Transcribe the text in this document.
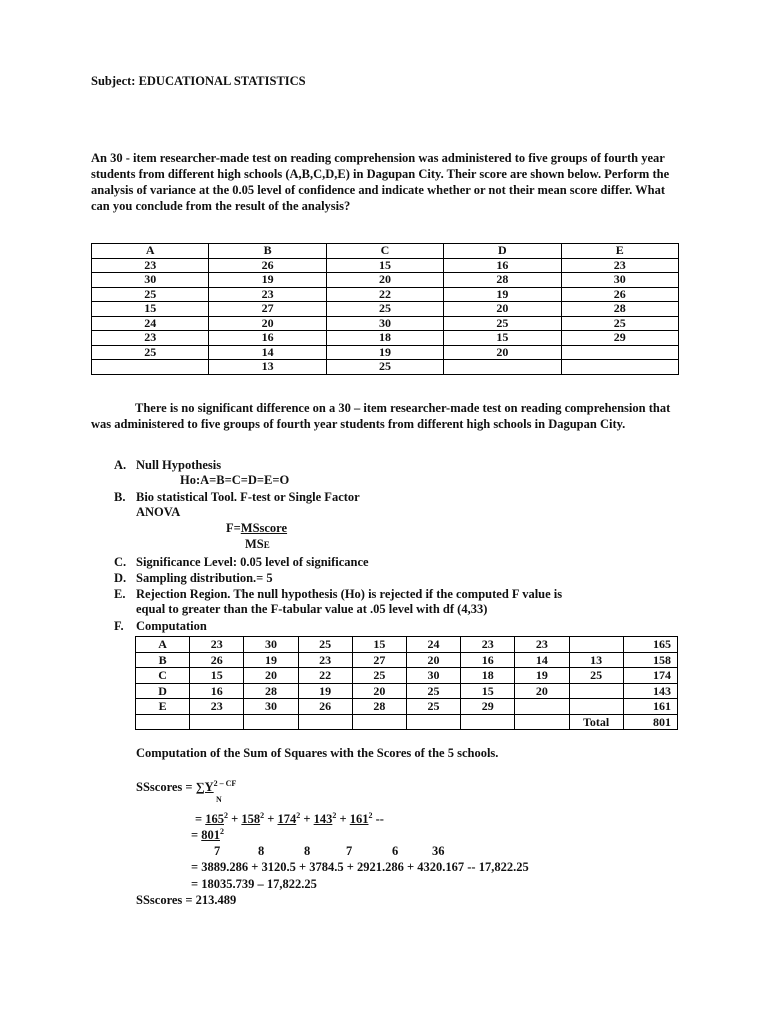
Subject: EDUCATIONAL STATISTICS
An 30 - item researcher-made test on reading comprehension was administered to five groups of fourth year students from different high schools (A,B,C,D,E) in Dagupan City. Their score are shown below. Perform the analysis of variance at the 0.05 level of confidence and indicate whether or not their mean score differ. What can you conclude from the result of the analysis?
A	B	C	D	E
23	26	15	16	23
30	19	20	28	30
25	23	22	19	26
15	27	25	20	28
24	20	30	25	25
23	16	18	15	29
25	14	19	20	
	13	25		
There is no significant difference on a 30 – item researcher-made test on reading comprehension that was administered to five groups of fourth year students from different high schools in Dagupan City.
A. Null Hypothesis
Ho:A=B=C=D=E=O
B. Bio statistical Tool. F-test or Single Factor
ANOVA
F=MSscore
MSE
C. Significance Level: 0.05 level of significance
D. Sampling distribution.= 5
E. Rejection Region. The null hypothesis (Ho) is rejected if the computed F value is
equal to greater than the F-tabular value at .05 level with df (4,33)
F. Computation
A	23	30	25	15	24	23	23		165
B	26	19	23	27	20	16	14	13	158
C	15	20	22	25	30	18	19	25	174
D	16	28	19	20	25	15	20		143
E	23	30	26	28	25	29			161
								Total	801
Computation of the Sum of Squares with the Scores of the 5 schools.
SSscores = $\sum Y^{2 - CF}$
N
= $165^2 + 158^2 + 174^2 + 143^2 + 161^2$ --
= $801^2$
7	8	8	7	6	36
= 3889.286 + 3120.5 + 3784.5 + 2921.286 + 4320.167 -- 17,822.25
= 18035.739 – 17,822.25
SSscores = 213.489
